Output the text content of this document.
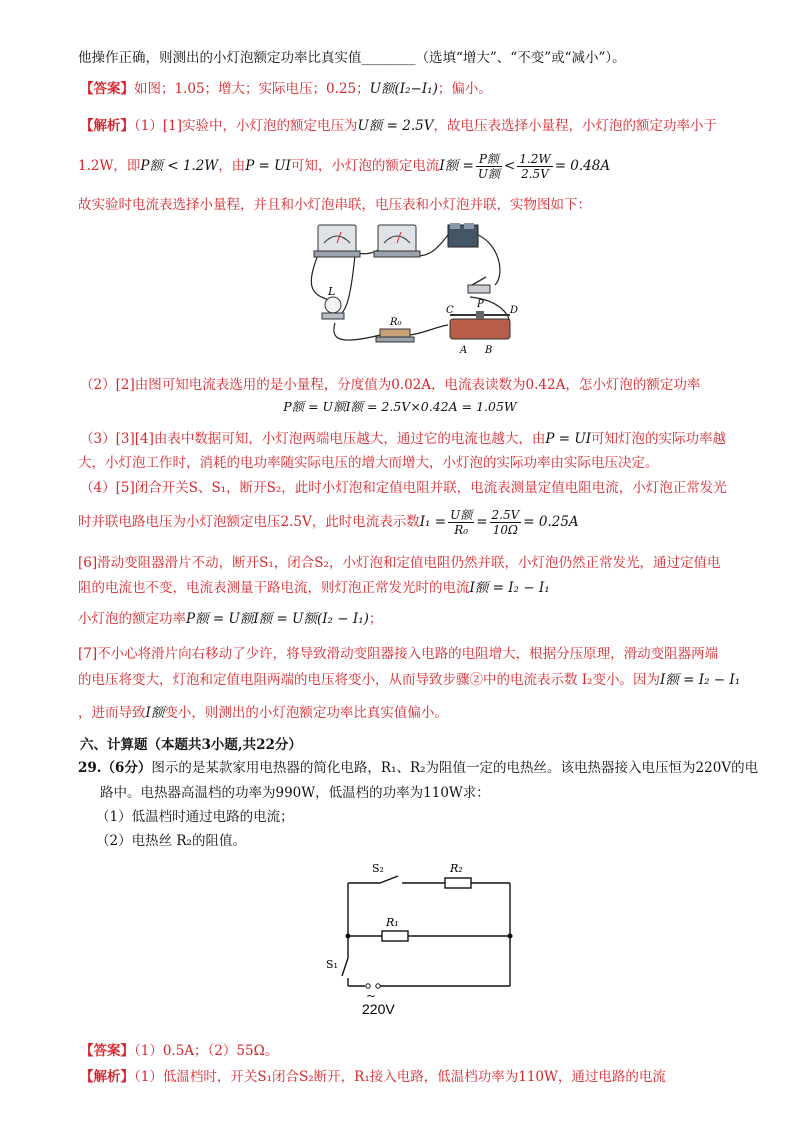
他操作正确，则测出的小灯泡额定功率比真实值________（选填“增大”、“不变”或“减小”）。
【答案】如图；1.05；增大；实际电压；0.25；U额(I₂−I₁)；偏小。
【解析】（1）[1]实验中，小灯泡的额定电压为U额 = 2.5V，故电压表选择小量程，小灯泡的额定功率小于
1.2W，即P额 < 1.2W，由P = UI可知，小灯泡的额定电流I额 = $\frac{\text{P额}}{\text{U额}} < \frac{1.2W}{2.5V} = 0.48A$
故实验时电流表选择小量程，并且和小灯泡串联，电压表和小灯泡并联，实物图如下：
L
R₀
C
P
D
A B
（2）[2]由图可知电流表选用的是小量程，分度值为0.02A，电流表读数为0.42A，怎小灯泡的额定功率
P额 = U额I额 = 2.5V×0.42A = 1.05W
（3）[3][4]由表中数据可知，小灯泡两端电压越大，通过它的电流也越大，由P = UI可知灯泡的实际功率越
大，小灯泡工作时，消耗的电功率随实际电压的增大而增大，小灯泡的实际功率由实际电压决定。
（4）[5]闭合开关S、S₁，断开S₂，此时小灯泡和定值电阻并联，电流表测量定值电阻电流，小灯泡正常发光
时并联电路电压为小灯泡额定电压2.5V，此时电流表示数$I_1 = \frac{\text{U额}}{\text{R₀}} = \frac{2.5V}{10\Omega} = 0.25A$
[6]滑动变阻器滑片不动，断开S₁，闭合S₂，小灯泡和定值电阻仍然并联，小灯泡仍然正常发光，通过定值电
阻的电流也不变，电流表测量干路电流，则灯泡正常发光时的电流I额 = I₂ − I₁
小灯泡的额定功率P额 = U额I额 = U额(I₂ − I₁)；
[7]不小心将滑片向右移动了少许，将导致滑动变阻器接入电路的电阻增大，根据分压原理，滑动变阻器两端
的电压将变大，灯泡和定值电阻两端的电压将变小，从而导致步骤②中的电流表示数 I₂变小。因为I额 = I₂ − I₁
，进而导致I额变小，则测出的小灯泡额定功率比真实值偏小。
六、计算题（本题共3小题,共22分）
29.（6分）图示的是某款家用电热器的简化电路，R₁、R₂为阻值一定的电热丝。该电热器接入电压恒为220V的电
路中。电热器高温档的功率为990W，低温档的功率为110W求：
（1）低温档时通过电路的电流；
（2）电热丝 R₂的阻值。
S₂	R₂
R₁
S₁
~
220V
【答案】（1）0.5A；（2）55Ω。
【解析】（1）低温档时，开关S₁闭合S₂断开，R₁接入电路，低温档功率为110W，通过电路的电流
